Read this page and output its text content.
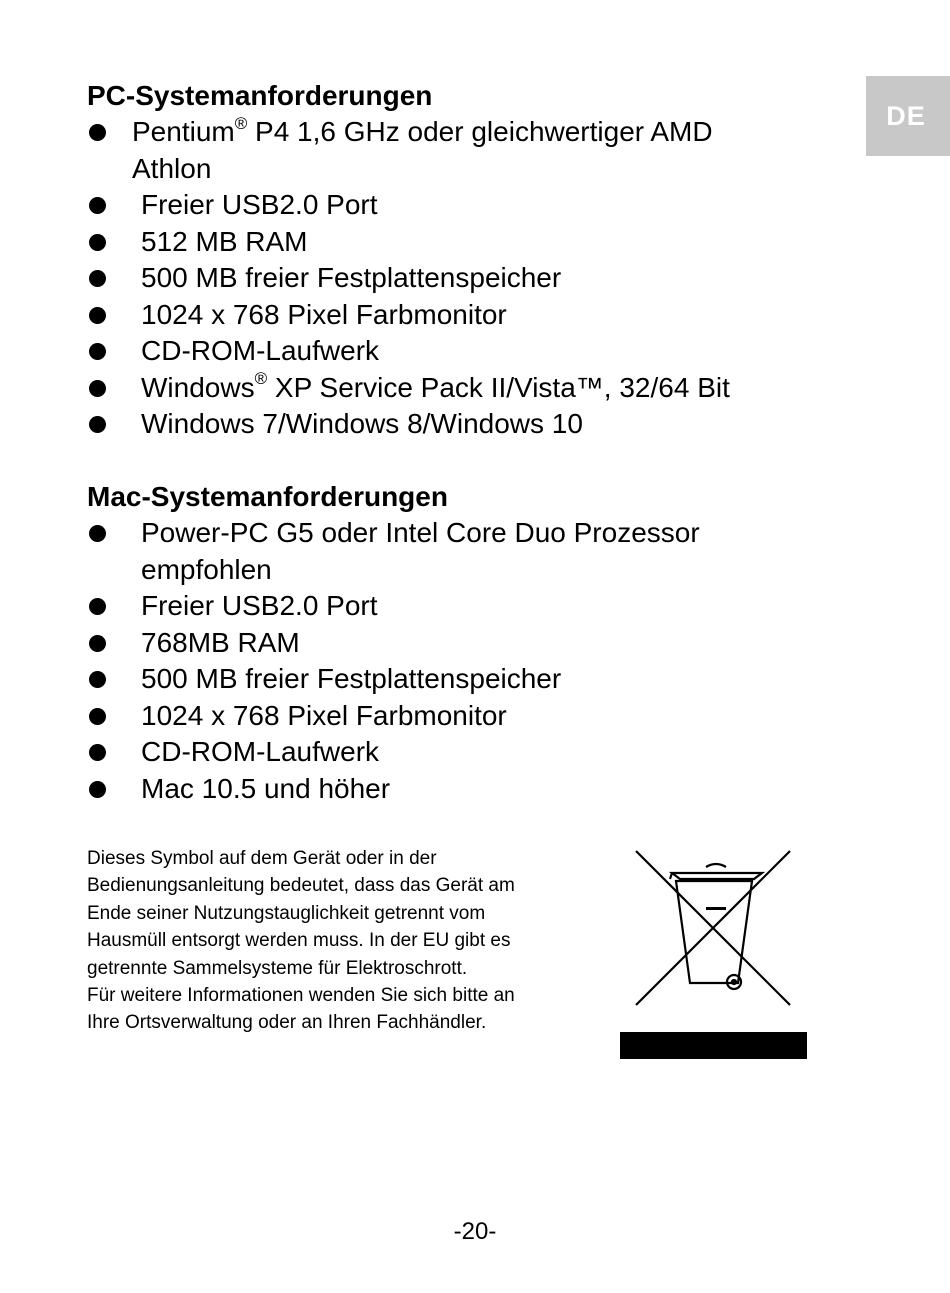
DE
PC-Systemanforderungen
Pentium® P4 1,6 GHz oder gleichwertiger AMD
Athlon
Freier USB2.0 Port
512 MB RAM
500 MB freier Festplattenspeicher
1024 x 768 Pixel Farbmonitor
CD-ROM-Laufwerk
Windows® XP Service Pack II/Vista™, 32/64 Bit
Windows 7/Windows 8/Windows 10
Mac-Systemanforderungen
Power-PC G5 oder Intel Core Duo Prozessor
empfohlen
Freier USB2.0 Port
768MB RAM
500 MB freier Festplattenspeicher
1024 x 768 Pixel Farbmonitor
CD-ROM-Laufwerk
Mac 10.5 und höher

Dieses Symbol auf dem Gerät oder in der
Bedienungsanleitung bedeutet, dass das Gerät am
Ende seiner Nutzungstauglichkeit getrennt vom
Hausmüll entsorgt werden muss. In der EU gibt es
getrennte Sammelsysteme für Elektroschrott.
Für weitere Informationen wenden Sie sich bitte an
Ihre Ortsverwaltung oder an Ihren Fachhändler.

-20-
